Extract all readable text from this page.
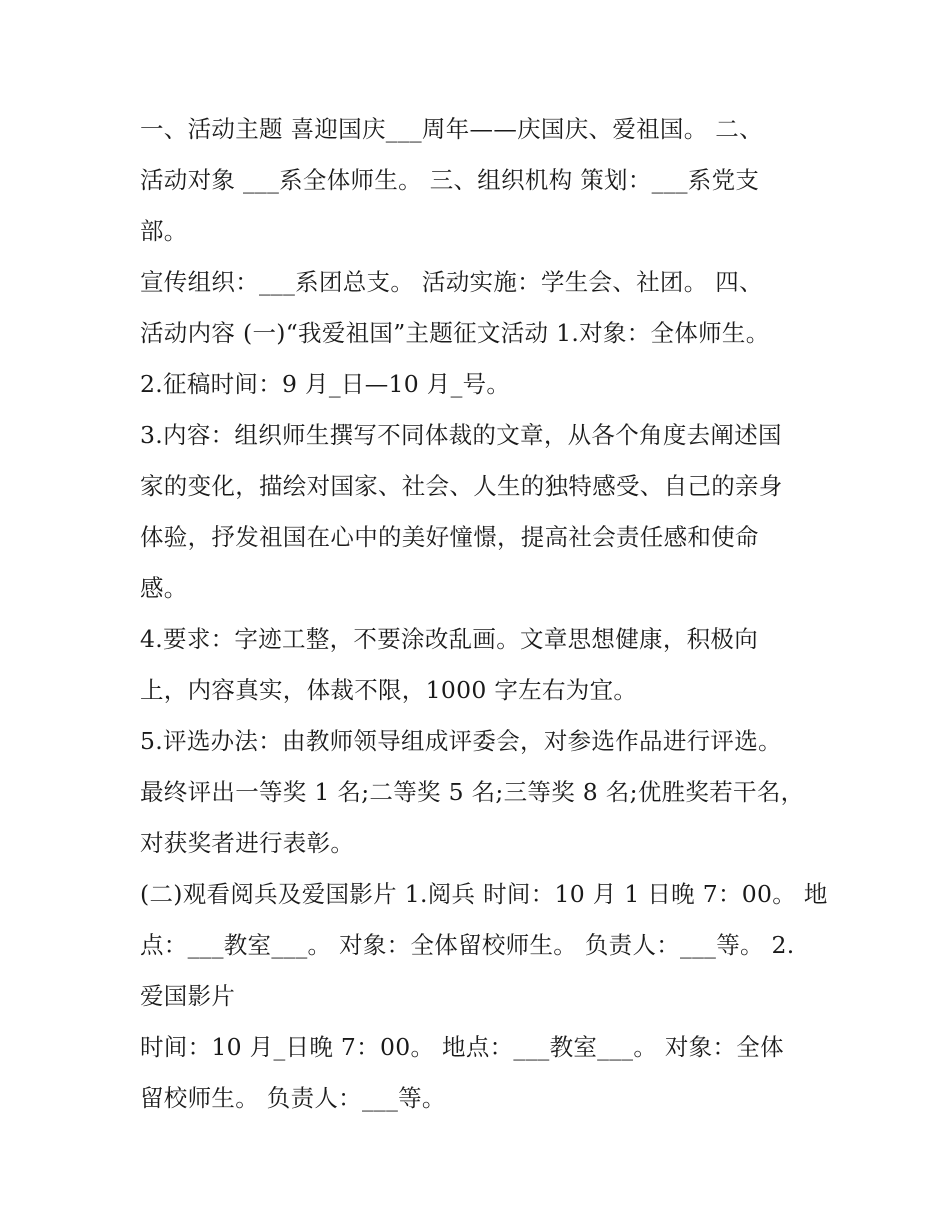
一、活动主题 喜迎国庆___周年——庆国庆、爱祖国。 二、
活动对象 ___系全体师生。 三、组织机构 策划：___系党支
部。
宣传组织：___系团总支。 活动实施：学生会、社团。 四、
活动内容 (一)“我爱祖国”主题征文活动 1.对象：全体师生。
2.征稿时间：9 月_日—10 月_号。
3.内容：组织师生撰写不同体裁的文章，从各个角度去阐述国
家的变化，描绘对国家、社会、人生的独特感受、自己的亲身
体验，抒发祖国在心中的美好憧憬，提高社会责任感和使命
感。
4.要求：字迹工整，不要涂改乱画。文章思想健康，积极向
上，内容真实，体裁不限，1000 字左右为宜。
5.评选办法：由教师领导组成评委会，对参选作品进行评选。
最终评出一等奖 1 名;二等奖 5 名;三等奖 8 名;优胜奖若干名，
对获奖者进行表彰。
(二)观看阅兵及爱国影片 1.阅兵 时间：10 月 1 日晚 7：00。 地
点：___教室___。 对象：全体留校师生。 负责人：___等。 2.
爱国影片
时间：10 月_日晚 7：00。 地点：___教室___。 对象：全体
留校师生。 负责人：___等。
